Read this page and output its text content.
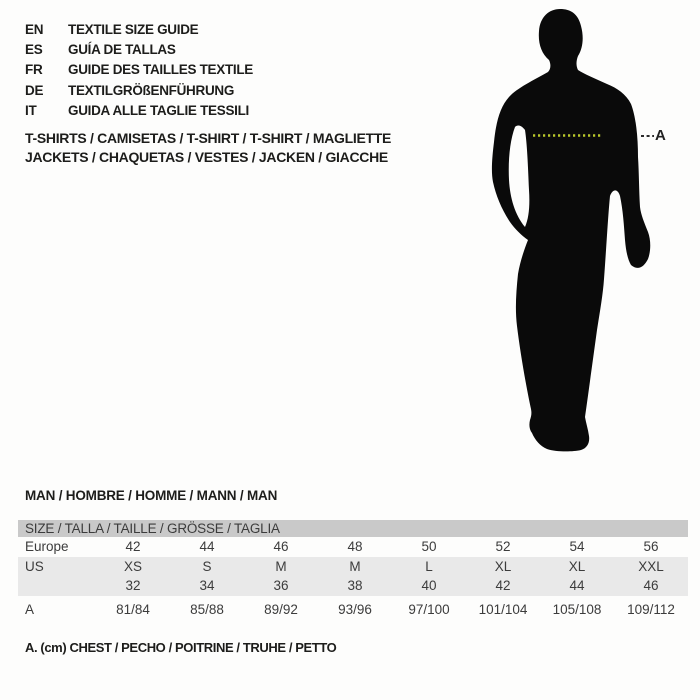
EN	TEXTILE SIZE GUIDE
ES	GUÍA DE TALLAS
FR	GUIDE DES TAILLES TEXTILE
DE	TEXTILGRÖßENFÜHRUNG
IT	GUIDA ALLE TAGLIE TESSILI
T-SHIRTS / CAMISETAS / T-SHIRT / T-SHIRT / MAGLIETTE
JACKETS / CHAQUETAS / VESTES / JACKEN / GIACCHE
A
MAN / HOMBRE / HOMME / MANN / MAN
SIZE / TALLA / TAILLE / GRÖSSE / TAGLIA								
Europe	42	44	46	48	50	52	54	56
US	XS	S	M	M	L	XL	XL	XXL
	32	34	36	38	40	42	44	46

A	81/84	85/88	89/92	93/96	97/100	101/104	105/108	109/112
A. (cm) CHEST / PECHO / POITRINE / TRUHE / PETTO
